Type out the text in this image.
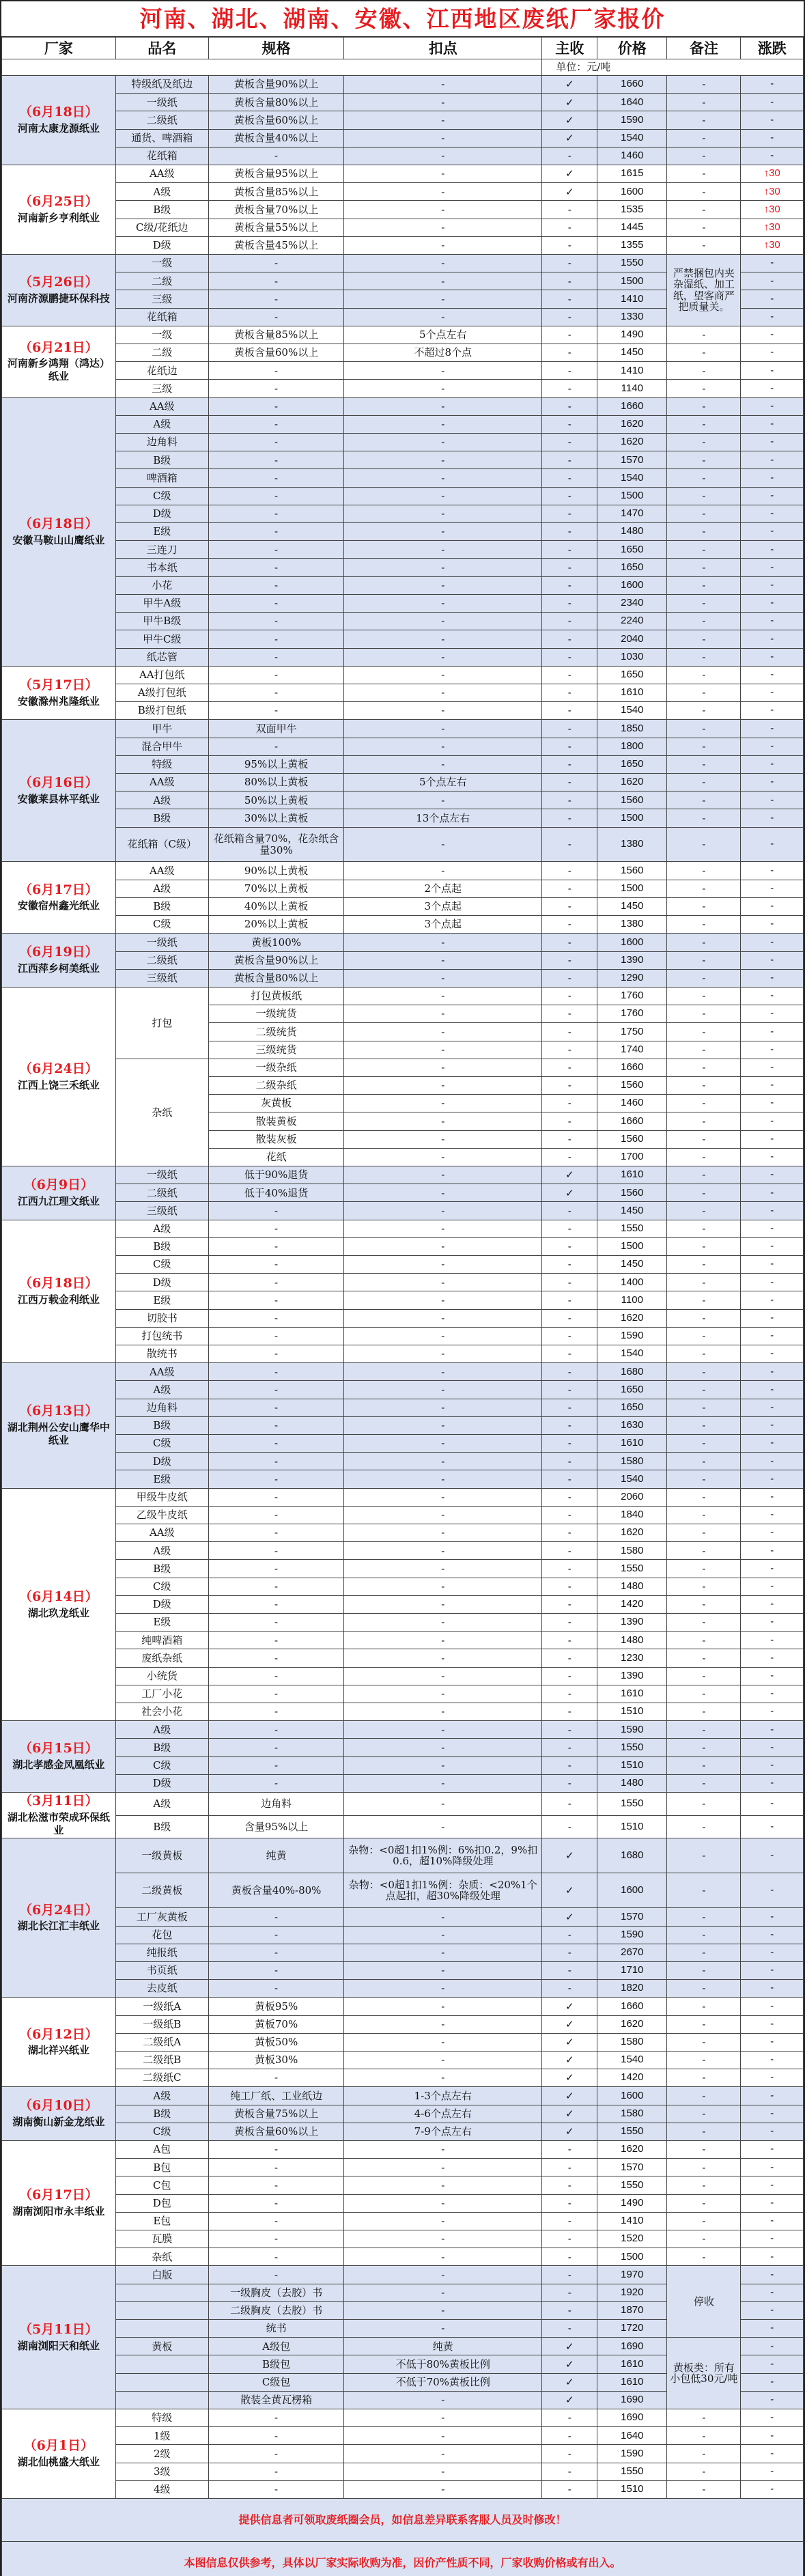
河南、湖北、湖南、安徽、江西地区废纸厂家报价
厂家	品名	规格	扣点	主收	价格	备注	涨跌
				单位：元/吨			

（6月18日）
河南太康龙源纸业	特级纸及纸边	黄板含量90%以上	-	✓	1660	-	-
	一级纸	黄板含量80%以上	-	✓	1640	-	-
	二级纸	黄板含量60%以上	-	✓	1590	-	-
	通货、啤酒箱	黄板含量40%以上	-	✓	1540	-	-
	花纸箱	-	-	-	1460	-	-

（6月25日）
河南新乡亨利纸业	AA级	黄板含量95%以上	-	✓	1615	-	↑30
	A级	黄板含量85%以上	-	✓	1600	-	↑30
	B级	黄板含量70%以上	-	-	1535	-	↑30
	C级/花纸边	黄板含量55%以上	-	-	1445	-	↑30
	D级	黄板含量45%以上	-	-	1355	-	↑30

（5月26日）
河南济源鹏捷环保科技	一级	-	-	-	1550	严禁捆包内夹杂湿纸、加工纸，望客商严把质量关。	-
	二级	-	-	-	1500		-
	三级	-	-	-	1410		-
	花纸箱	-	-	-	1330		-

（6月21日）
河南新乡鸿翔（鸿达）纸业	一级	黄板含量85%以上	5个点左右	-	1490	-	-
	二级	黄板含量60%以上	不超过8个点	-	1450	-	-
	花纸边	-	-	-	1410	-	-
	三级	-	-	-	1140	-	-

（6月18日）
安徽马鞍山山鹰纸业	AA级	-	-	-	1660	-	-
	A级	-	-	-	1620	-	-
	边角料	-	-	-	1620	-	-
	B级	-	-	-	1570	-	-
	啤酒箱	-	-	-	1540	-	-
	C级	-	-	-	1500	-	-
	D级	-	-	-	1470	-	-
	E级	-	-	-	1480	-	-
	三连刀	-	-	-	1650	-	-
	书本纸	-	-	-	1650	-	-
	小花	-	-	-	1600	-	-
	甲牛A级	-	-	-	2340	-	-
	甲牛B级	-	-	-	2240	-	-
	甲牛C级	-	-	-	2040	-	-
	纸芯管	-	-	-	1030	-	-

（5月17日）
安徽滁州兆隆纸业	AA打包纸	-	-	-	1650	-	-
	A级打包纸	-	-	-	1610	-	-
	B级打包纸	-	-	-	1540	-	-

（6月16日）
安徽莱县林平纸业	甲牛	双面甲牛	-	-	1850	-	-
	混合甲牛	-	-	-	1800	-	-
	特级	95%以上黄板	-	-	1650	-	-
	AA级	80%以上黄板	5个点左右	-	1620	-	-
	A级	50%以上黄板	-	-	1560	-	-
	B级	30%以上黄板	13个点左右	-	1500	-	-
	花纸箱（C级）	花纸箱含量70%，花杂纸含量30%	-	-	1380	-	-

（6月17日）
安徽宿州鑫光纸业	AA级	90%以上黄板	-	-	1560	-	-
	A级	70%以上黄板	2个点起	-	1500	-	-
	B级	40%以上黄板	3个点起	-	1450	-	-
	C级	20%以上黄板	3个点起	-	1380	-	-

（6月19日）
江西萍乡柯美纸业	一级纸	黄板100%	-	-	1600	-	-
	二级纸	黄板含量90%以上	-	-	1390	-	-
	三级纸	黄板含量80%以上	-	-	1290	-	-

（6月24日）
江西上饶三禾纸业	打包	打包黄板纸	-	-	1760	-	-
		一级统货	-	-	1760	-	-
		二级统货	-	-	1750	-	-
		三级统货	-	-	1740	-	-
	杂纸	一级杂纸	-	-	1660	-	-
		二级杂纸	-	-	1560	-	-
		灰黄板	-	-	1460	-	-
		散装黄板	-	-	1660	-	-
		散装灰板	-	-	1560	-	-
		花纸	-	-	1700	-	-

（6月9日）
江西九江理文纸业	一级纸	低于90%退货	-	✓	1610	-	-
	二级纸	低于40%退货	-	✓	1560	-	-
	三级纸	-	-	-	1450	-	-

（6月18日）
江西万载金利纸业	A级	-	-	-	1550	-	-
	B级	-	-	-	1500	-	-
	C级	-	-	-	1450	-	-
	D级	-	-	-	1400	-	-
	E级	-	-	-	1100	-	-
	切胶书	-	-	-	1620	-	-
	打包统书	-	-	-	1590	-	-
	散统书	-	-	-	1540	-	-

（6月13日）
湖北荆州公安山鹰华中纸业	AA级	-	-	-	1680	-	-
	A级	-	-	-	1650	-	-
	边角料	-	-	-	1650	-	-
	B级	-	-	-	1630	-	-
	C级	-	-	-	1610	-	-
	D级	-	-	-	1580	-	-
	E级	-	-	-	1540	-	-

（6月14日）
湖北玖龙纸业	甲级牛皮纸	-	-	-	2060	-	-
	乙级牛皮纸	-	-	-	1840	-	-
	AA级	-	-	-	1620	-	-
	A级	-	-	-	1580	-	-
	B级	-	-	-	1550	-	-
	C级	-	-	-	1480	-	-
	D级	-	-	-	1420	-	-
	E级	-	-	-	1390	-	-
	纯啤酒箱	-	-	-	1480	-	-
	废纸杂纸	-	-	-	1230	-	-
	小统货	-	-	-	1390	-	-
	工厂小花	-	-	-	1610	-	-
	社会小花	-	-	-	1510	-	-

（6月15日）
湖北孝感金凤凰纸业	A级	-	-	-	1590	-	-
	B级	-	-	-	1550	-	-
	C级	-	-	-	1510	-	-
	D级	-	-	-	1480	-	-

（3月11日）
湖北松滋市荣成环保纸业	A级	边角料	-	-	1550	-	-
	B级	含量95%以上	-	-	1510	-	-

（6月24日）
湖北长江汇丰纸业	一级黄板	纯黄	杂物：<0超1扣1%例：6%扣0.2，9%扣0.6，超10%降级处理	✓	1680	-	-
	二级黄板	黄板含量40%-80%	杂物：<0超1扣1%例：杂质：<20%1个点起扣，超30%降级处理	✓	1600	-	-
	工厂灰黄板	-	-	✓	1570	-	-
	花包	-	-	-	1590	-	-
	纯报纸	-	-	-	2670	-	-
	书页纸	-	-	-	1710	-	-
	去皮纸	-	-	-	1820	-	-

（6月12日）
湖北祥兴纸业	一级纸A	黄板95%	-	✓	1660	-	-
	一级纸B	黄板70%	-	✓	1620	-	-
	二级纸A	黄板50%	-	✓	1580	-	-
	二级纸B	黄板30%	-	✓	1540	-	-
	二级纸C	-	-	✓	1420	-	-

（6月10日）
湖南衡山新金龙纸业	A级	纯工厂纸、工业纸边	1-3个点左右	✓	1600	-	-
	B级	黄板含量75%以上	4-6个点左右	✓	1580	-	-
	C级	黄板含量60%以上	7-9个点左右	✓	1550	-	-

（6月17日）
湖南浏阳市永丰纸业	A包	-	-	-	1620	-	-
	B包	-	-	-	1570	-	-
	C包	-	-	-	1550	-	-
	D包	-	-	-	1490	-	-
	E包	-	-	-	1410	-	-
	瓦膜	-	-	-	1520	-	-
	杂纸	-	-	-	1500	-	-

（5月11日）
湖南浏阳天和纸业	白版	-	-	-	1970	停收	-
		一级胸皮（去胶）书	-	-	1920		-
		二级胸皮（去胶）书	-	-	1870		-
		统书	-	-	1720		-
	黄板	A级包	纯黄	✓	1690	黄板类：所有小包低30元/吨	-
		B级包	不低于80%黄板比例	✓	1610		-
		C级包	不低于70%黄板比例	✓	1610		-
		散装全黄瓦楞箱	-	✓	1690		-

（6月1日）
湖北仙桃盛大纸业	特级	-	-	-	1690	-	-
	1级	-	-	-	1640	-	-
	2级	-	-	-	1590	-	-
	3级	-	-	-	1550	-	-
	4级	-	-	-	1510	-	-
提供信息者可领取废纸圈会员，如信息差异联系客服人员及时修改！							
本图信息仅供参考，具体以厂家实际收购为准，因价产性质不同，厂家收购价格或有出入。							
